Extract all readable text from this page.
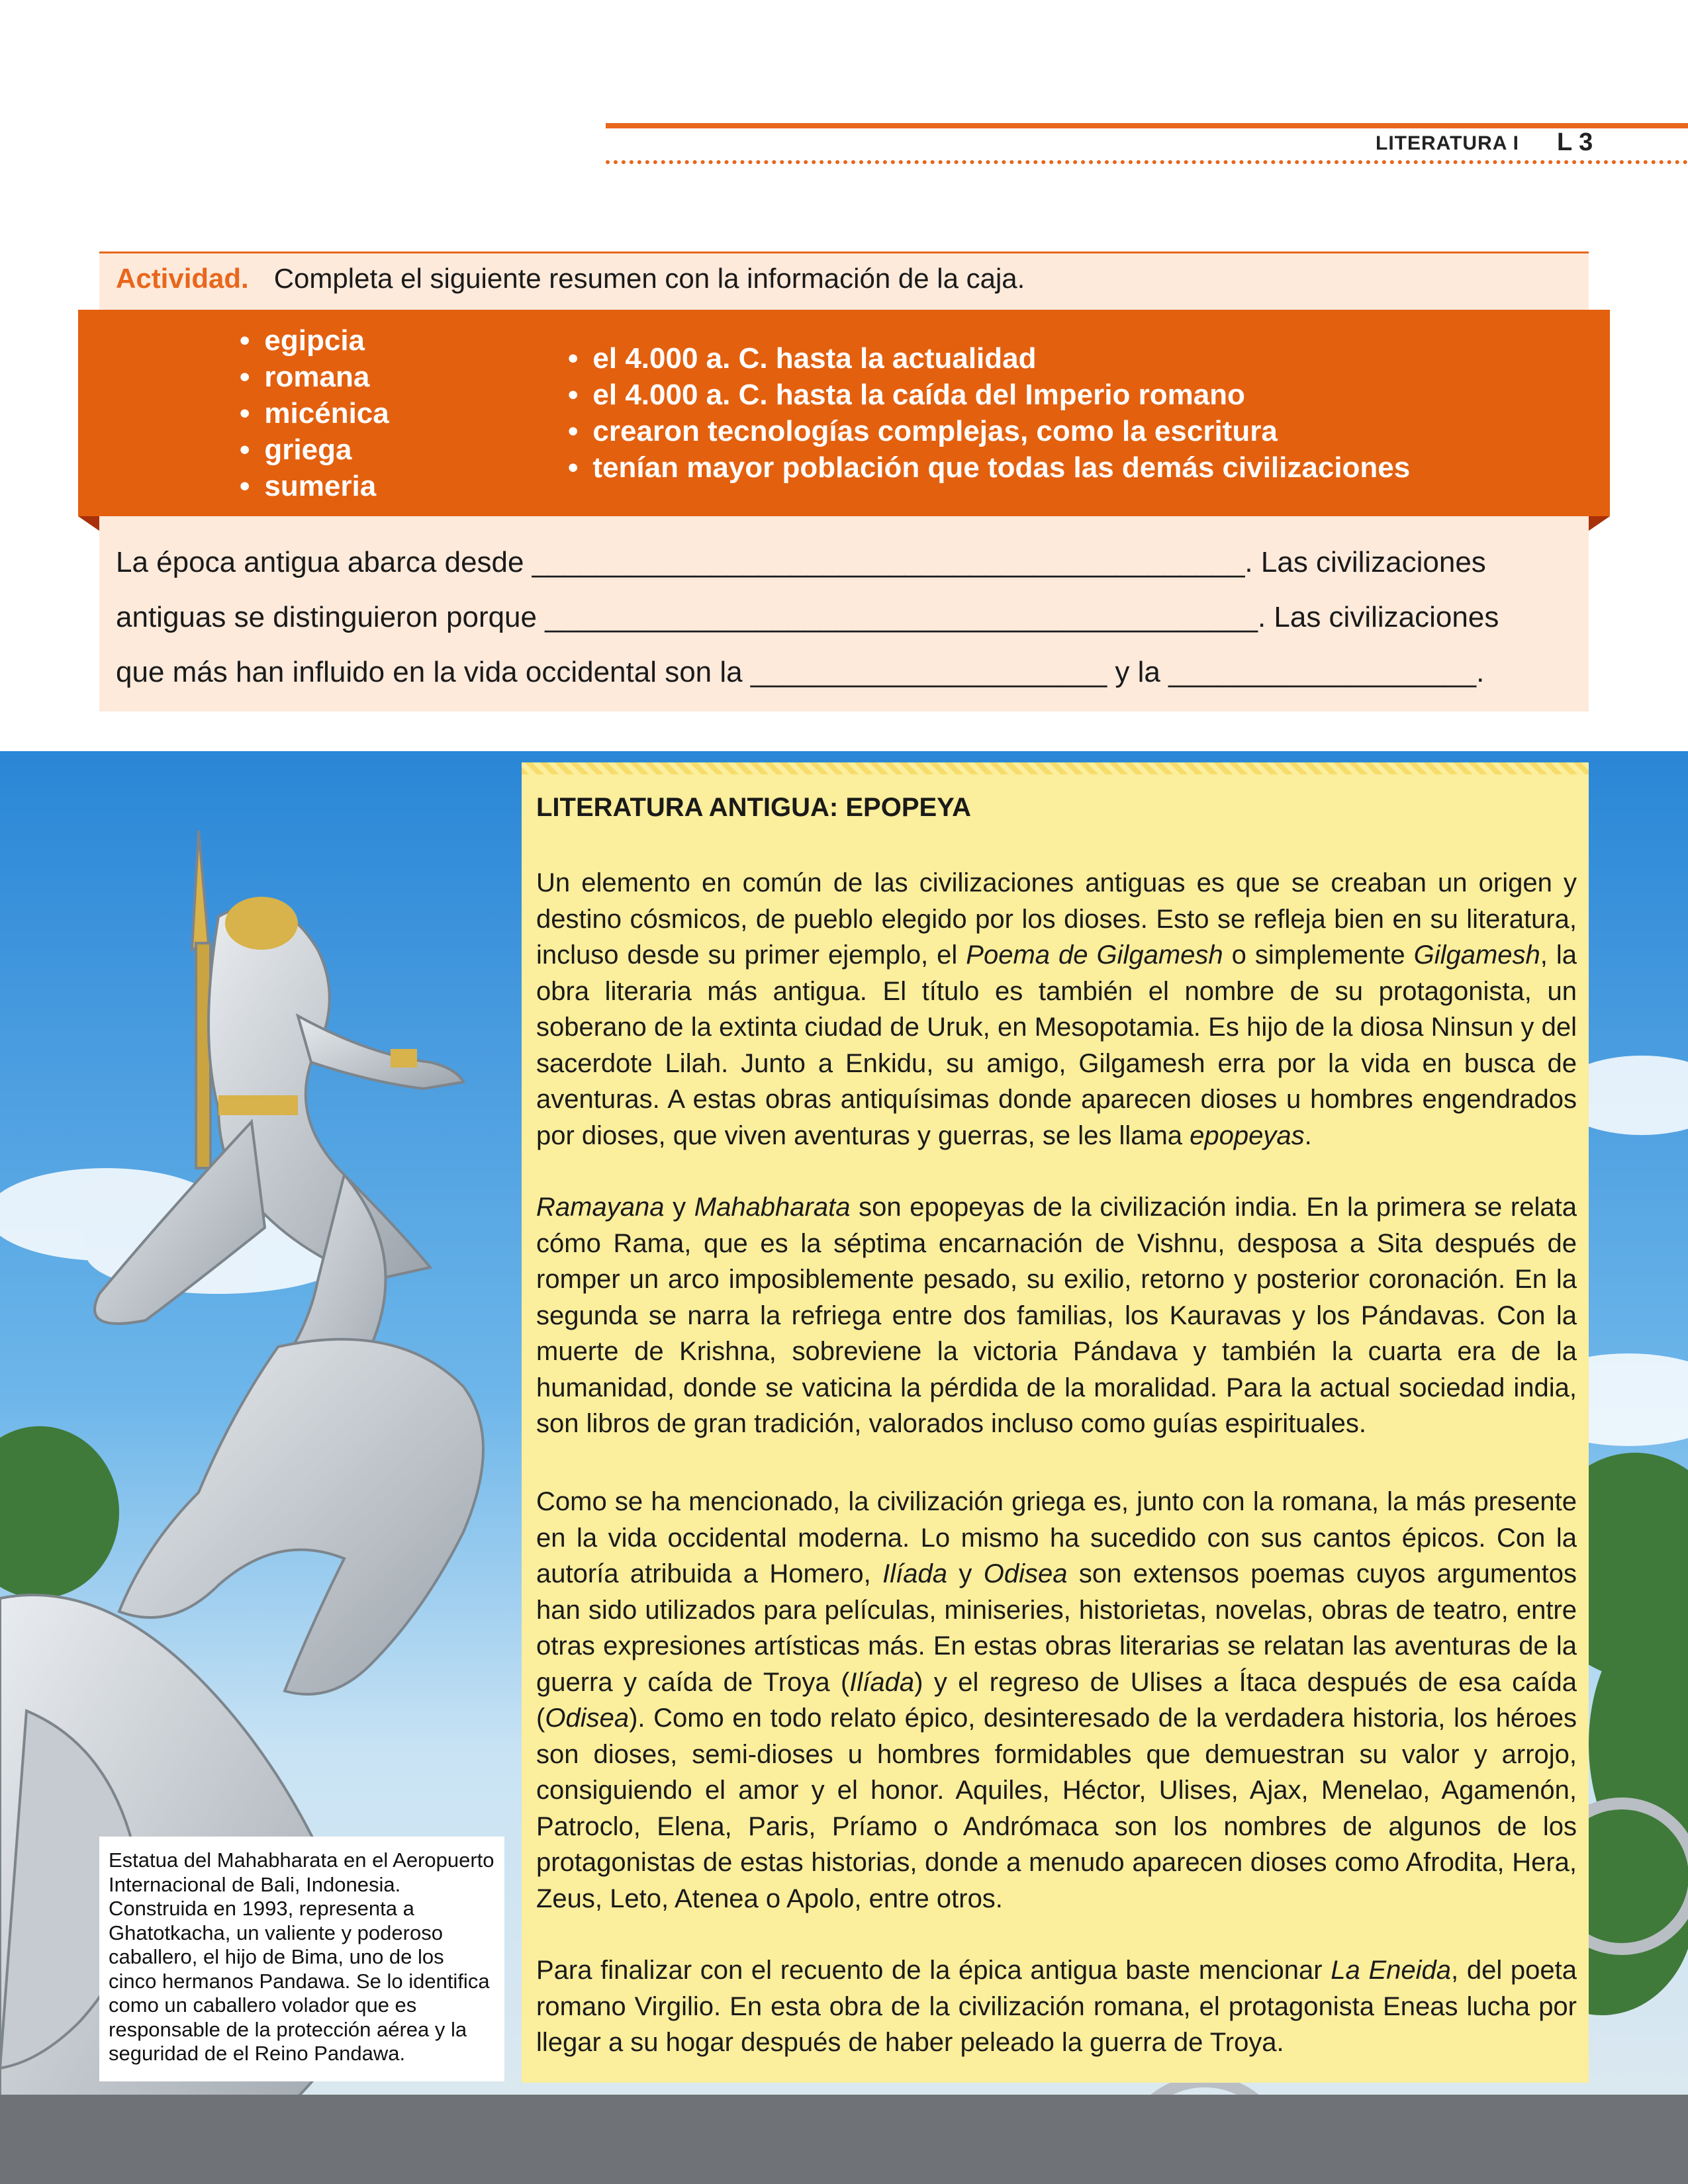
LITERATURA I L 3
Actividad. Completa el siguiente resumen con la información de la caja.
• egipcia
• romana
• micénica
• griega
• sumeria
• el 4.000 a. C. hasta la actualidad
• el 4.000 a. C. hasta la caída del Imperio romano
• crearon tecnologías complejas, como la escritura
• tenían mayor población que todas las demás civilizaciones
La época antigua abarca desde ____________________________________________. Las civilizaciones
antiguas se distinguieron porque ____________________________________________. Las civilizaciones
que más han influido en la vida occidental son la ______________________ y la ___________________.

Estatua del Mahabharata en el Aeropuerto Internacional de Bali, Indonesia. Construida en 1993, representa a Ghatotkacha, un valiente y poderoso caballero, el hijo de Bima, uno de los cinco hermanos Pandawa. Se lo identifica como un caballero volador que es responsable de la protección aérea y la seguridad de el Reino Pandawa.

LITERATURA ANTIGUA: EPOPEYA

Un elemento en común de las civilizaciones antiguas es que se creaban un origen y destino cósmicos, de pueblo elegido por los dioses. Esto se refleja bien en su literatura, incluso desde su primer ejemplo, el Poema de Gilgamesh o simplemente Gilgamesh, la obra literaria más antigua. El título es también el nombre de su protagonista, un soberano de la extinta ciudad de Uruk, en Mesopotamia. Es hijo de la diosa Ninsun y del sacerdote Lilah. Junto a Enkidu, su amigo, Gilgamesh erra por la vida en busca de aventuras. A estas obras antiquísimas donde aparecen dioses u hombres engendrados por dioses, que viven aventuras y guerras, se les llama epopeyas.

Ramayana y Mahabharata son epopeyas de la civilización india. En la primera se relata cómo Rama, que es la séptima encarnación de Vishnu, desposa a Sita después de romper un arco imposiblemente pesado, su exilio, retorno y posterior coronación. En la segunda se narra la refriega entre dos familias, los Kauravas y los Pándavas. Con la muerte de Krishna, sobreviene la victoria Pándava y también la cuarta era de la humanidad, donde se vaticina la pérdida de la moralidad. Para la actual sociedad india, son libros de gran tradición, valorados incluso como guías espirituales.

Como se ha mencionado, la civilización griega es, junto con la romana, la más presente en la vida occidental moderna. Lo mismo ha sucedido con sus cantos épicos. Con la autoría atribuida a Homero, Ilíada y Odisea son extensos poemas cuyos argumentos han sido utilizados para películas, miniseries, historietas, novelas, obras de teatro, entre otras expresiones artísticas más. En estas obras literarias se relatan las aventuras de la guerra y caída de Troya (Ilíada) y el regreso de Ulises a Ítaca después de esa caída (Odisea). Como en todo relato épico, desinteresado de la verdadera historia, los héroes son dioses, semi-dioses u hombres formidables que demuestran su valor y arrojo, consiguiendo el amor y el honor. Aquiles, Héctor, Ulises, Ajax, Menelao, Agamenón, Patroclo, Elena, Paris, Príamo o Andrómaca son los nombres de algunos de los protagonistas de estas historias, donde a menudo aparecen dioses como Afrodita, Hera, Zeus, Leto, Atenea o Apolo, entre otros.

Para finalizar con el recuento de la épica antigua baste mencionar La Eneida, del poeta romano Virgilio. En esta obra de la civilización romana, el protagonista Eneas lucha por llegar a su hogar después de haber peleado la guerra de Troya.
